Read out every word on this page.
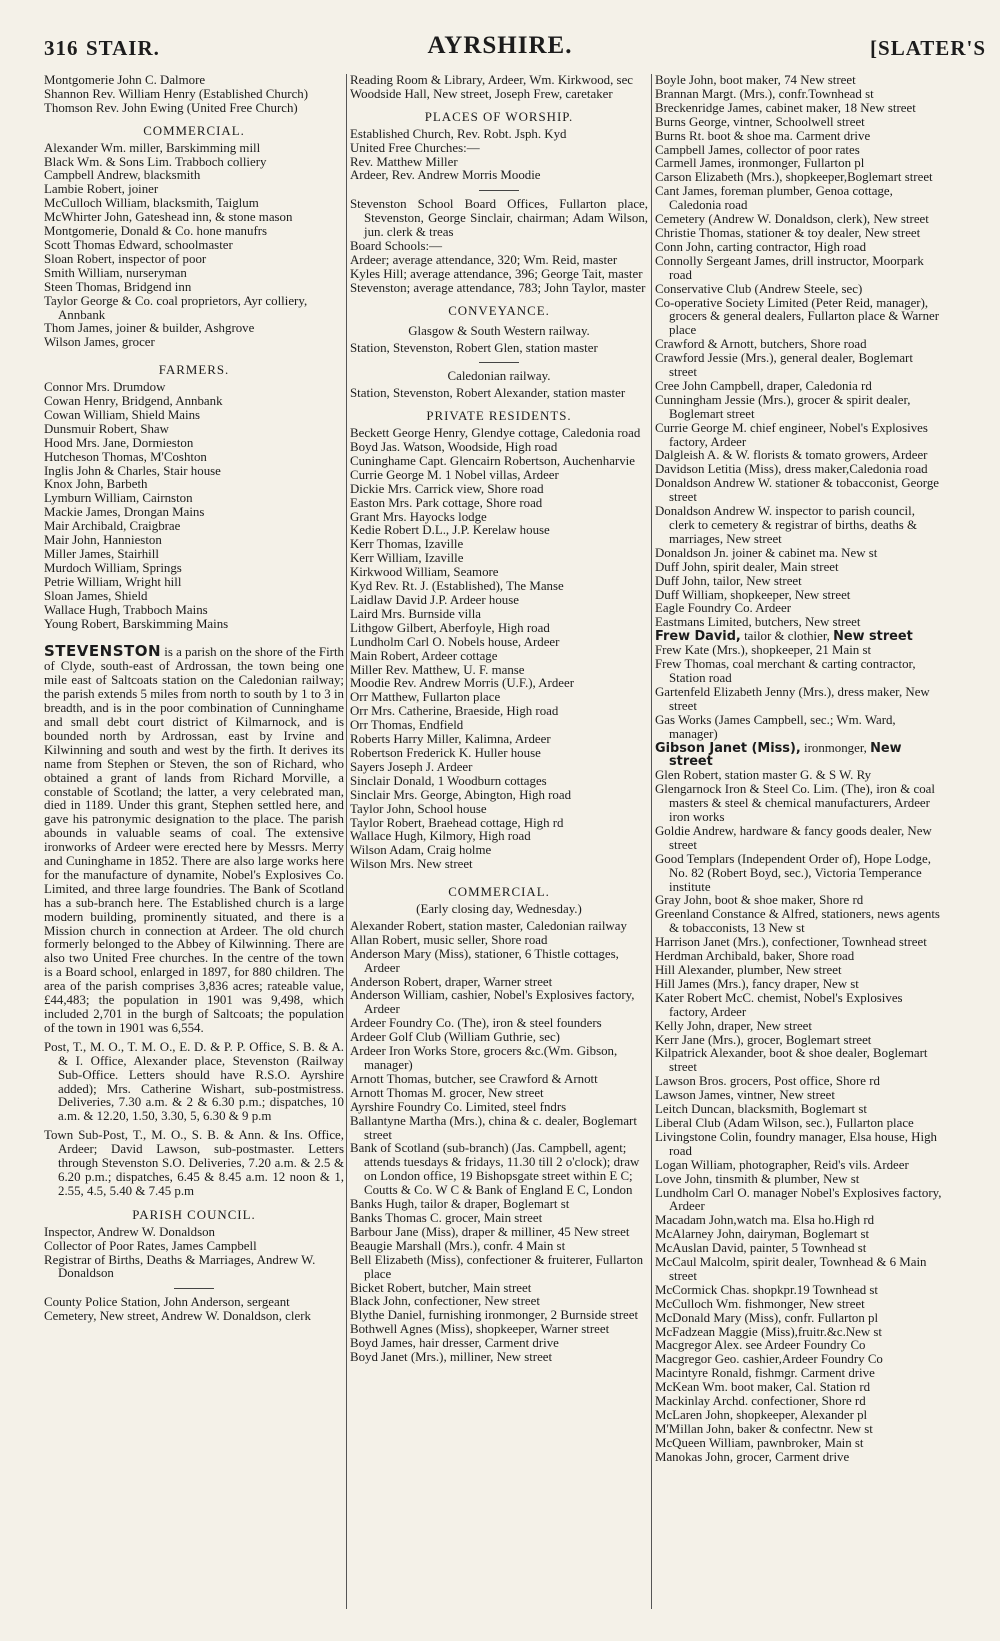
316 STAIR.	AYRSHIRE.	[SLATER'S

Montgomerie John C. Dalmore

Shannon Rev. William Henry (Established Church)

Thomson Rev. John Ewing (United Free Church)

COMMERCIAL.

Alexander Wm. miller, Barskimming mill

Black Wm. & Sons Lim. Trabboch colliery

Campbell Andrew, blacksmith

Lambie Robert, joiner

McCulloch William, blacksmith, Taiglum

McWhirter John, Gateshead inn, & stone mason

Montgomerie, Donald & Co. hone manufrs

Scott Thomas Edward, schoolmaster

Sloan Robert, inspector of poor

Smith William, nurseryman

Steen Thomas, Bridgend inn

Taylor George & Co. coal proprietors, Ayr colliery, Annbank

Thom James, joiner & builder, Ashgrove

Wilson James, grocer

FARMERS.

Connor Mrs. Drumdow

Cowan Henry, Bridgend, Annbank

Cowan William, Shield Mains

Dunsmuir Robert, Shaw

Hood Mrs. Jane, Dormieston

Hutcheson Thomas, M'Coshton

Inglis John & Charles, Stair house

Knox John, Barbeth

Lymburn William, Cairnston

Mackie James, Drongan Mains

Mair Archibald, Craigbrae

Mair John, Hannieston

Miller James, Stairhill

Murdoch William, Springs

Petrie William, Wright hill

Sloan James, Shield

Wallace Hugh, Trabboch Mains

Young Robert, Barskimming Mains

STEVENSTON is a parish on the shore of the Firth of Clyde, south-east of Ardrossan, the town being one mile east of Saltcoats station on the Caledonian railway; the parish extends 5 miles from north to south by 1 to 3 in breadth, and is in the poor combination of Cunninghame and small debt court district of Kilmarnock, and is bounded north by Ardrossan, east by Irvine and Kilwinning and south and west by the firth. It derives its name from Stephen or Steven, the son of Richard, who obtained a grant of lands from Richard Morville, a constable of Scotland; the latter, a very celebrated man, died in 1189. Under this grant, Stephen settled here, and gave his patronymic designation to the place. The parish abounds in valuable seams of coal. The extensive ironworks of Ardeer were erected here by Messrs. Merry and Cuninghame in 1852. There are also large works here for the manufacture of dynamite, Nobel's Explosives Co. Limited, and three large foundries. The Bank of Scotland has a sub-branch here. The Established church is a large modern building, prominently situated, and there is a Mission church in connection at Ardeer. The old church formerly belonged to the Abbey of Kilwinning. There are also two United Free churches. In the centre of the town is a Board school, enlarged in 1897, for 880 children. The area of the parish comprises 3,836 acres; rateable value, £44,483; the population in 1901 was 9,498, which included 2,701 in the burgh of Saltcoats; the population of the town in 1901 was 6,554.

Post, T., M. O., T. M. O., E. D. & P. P. Office, S. B. & A. & I. Office, Alexander place, Stevenston (Railway Sub-Office. Letters should have R.S.O. Ayrshire added); Mrs. Catherine Wishart, sub-postmistress. Deliveries, 7.30 a.m. & 2 & 6.30 p.m.; dispatches, 10 a.m. & 12.20, 1.50, 3.30, 5, 6.30 & 9 p.m

Town Sub-Post, T., M. O., S. B. & Ann. & Ins. Office, Ardeer; David Lawson, sub-postmaster. Letters through Stevenston S.O. Deliveries, 7.20 a.m. & 2.5 & 6.20 p.m.; dispatches, 6.45 & 8.45 a.m. 12 noon & 1, 2.55, 4.5, 5.40 & 7.45 p.m

PARISH COUNCIL.

Inspector, Andrew W. Donaldson

Collector of Poor Rates, James Campbell

Registrar of Births, Deaths & Marriages, Andrew W. Donaldson

County Police Station, John Anderson, sergeant

Cemetery, New street, Andrew W. Donaldson, clerk

Reading Room & Library, Ardeer, Wm. Kirkwood, sec

Woodside Hall, New street, Joseph Frew, caretaker

PLACES OF WORSHIP.

Established Church, Rev. Robt. Jsph. Kyd

United Free Churches:—

Rev. Matthew Miller

Ardeer, Rev. Andrew Morris Moodie

Stevenston School Board Offices, Fullarton place, Stevenston, George Sinclair, chairman; Adam Wilson, jun. clerk & treas

Board Schools:—

Ardeer; average attendance, 320; Wm. Reid, master

Kyles Hill; average attendance, 396; George Tait, master

Stevenston; average attendance, 783; John Taylor, master

CONVEYANCE.
Glasgow & South Western railway.

Station, Stevenston, Robert Glen, station master

Caledonian railway.

Station, Stevenston, Robert Alexander, station master

PRIVATE RESIDENTS.

Beckett George Henry, Glendye cottage, Caledonia road

Boyd Jas. Watson, Woodside, High road

Cuninghame Capt. Glencairn Robertson, Auchenharvie

Currie George M. 1 Nobel villas, Ardeer

Dickie Mrs. Carrick view, Shore road

Easton Mrs. Park cottage, Shore road

Grant Mrs. Hayocks lodge

Kedie Robert D.L., J.P. Kerelaw house

Kerr Thomas, Izaville

Kerr William, Izaville

Kirkwood William, Seamore

Kyd Rev. Rt. J. (Established), The Manse

Laidlaw David J.P. Ardeer house

Laird Mrs. Burnside villa

Lithgow Gilbert, Aberfoyle, High road

Lundholm Carl O. Nobels house, Ardeer

Main Robert, Ardeer cottage

Miller Rev. Matthew, U. F. manse

Moodie Rev. Andrew Morris (U.F.), Ardeer

Orr Matthew, Fullarton place

Orr Mrs. Catherine, Braeside, High road

Orr Thomas, Endfield

Roberts Harry Miller, Kalimna, Ardeer

Robertson Frederick K. Huller house

Sayers Joseph J. Ardeer

Sinclair Donald, 1 Woodburn cottages

Sinclair Mrs. George, Abington, High road

Taylor John, School house

Taylor Robert, Braehead cottage, High rd

Wallace Hugh, Kilmory, High road

Wilson Adam, Craig holme

Wilson Mrs. New street

COMMERCIAL.
(Early closing day, Wednesday.)

Alexander Robert, station master, Caledonian railway

Allan Robert, music seller, Shore road

Anderson Mary (Miss), stationer, 6 Thistle cottages, Ardeer

Anderson Robert, draper, Warner street

Anderson William, cashier, Nobel's Explosives factory, Ardeer

Ardeer Foundry Co. (The), iron & steel founders

Ardeer Golf Club (William Guthrie, sec)

Ardeer Iron Works Store, grocers &c.(Wm. Gibson, manager)

Arnott Thomas, butcher, see Crawford & Arnott

Arnott Thomas M. grocer, New street

Ayrshire Foundry Co. Limited, steel fndrs

Ballantyne Martha (Mrs.), china & c. dealer, Boglemart street

Bank of Scotland (sub-branch) (Jas. Campbell, agent; attends tuesdays & fridays, 11.30 till 2 o'clock); draw on London office, 19 Bishopsgate street within E C; Coutts & Co. W C & Bank of England E C, London

Banks Hugh, tailor & draper, Boglemart st

Banks Thomas C. grocer, Main street

Barbour Jane (Miss), draper & milliner, 45 New street

Beaugie Marshall (Mrs.), confr. 4 Main st

Bell Elizabeth (Miss), confectioner & fruiterer, Fullarton place

Bicket Robert, butcher, Main street

Black John, confectioner, New street

Blythe Daniel, furnishing ironmonger, 2 Burnside street

Bothwell Agnes (Miss), shopkeeper, Warner street

Boyd James, hair dresser, Carment drive

Boyd Janet (Mrs.), milliner, New street

Boyle John, boot maker, 74 New street

Brannan Margt. (Mrs.), confr.Townhead st

Breckenridge James, cabinet maker, 18 New street

Burns George, vintner, Schoolwell street

Burns Rt. boot & shoe ma. Carment drive

Campbell James, collector of poor rates

Carmell James, ironmonger, Fullarton pl

Carson Elizabeth (Mrs.), shopkeeper,Boglemart street

Cant James, foreman plumber, Genoa cottage, Caledonia road

Cemetery (Andrew W. Donaldson, clerk), New street

Christie Thomas, stationer & toy dealer, New street

Conn John, carting contractor, High road

Connolly Sergeant James, drill instructor, Moorpark road

Conservative Club (Andrew Steele, sec)

Co-operative Society Limited (Peter Reid, manager), grocers & general dealers, Fullarton place & Warner place

Crawford & Arnott, butchers, Shore road

Crawford Jessie (Mrs.), general dealer, Boglemart street

Cree John Campbell, draper, Caledonia rd

Cunningham Jessie (Mrs.), grocer & spirit dealer, Boglemart street

Currie George M. chief engineer, Nobel's Explosives factory, Ardeer

Dalgleish A. & W. florists & tomato growers, Ardeer

Davidson Letitia (Miss), dress maker,Caledonia road

Donaldson Andrew W. stationer & tobacconist, George street

Donaldson Andrew W. inspector to parish council, clerk to cemetery & registrar of births, deaths & marriages, New street

Donaldson Jn. joiner & cabinet ma. New st

Duff John, spirit dealer, Main street

Duff John, tailor, New street

Duff William, shopkeeper, New street

Eagle Foundry Co. Ardeer

Eastmans Limited, butchers, New street

Frew David, tailor & clothier, New street

Frew Kate (Mrs.), shopkeeper, 21 Main st

Frew Thomas, coal merchant & carting contractor, Station road

Gartenfeld Elizabeth Jenny (Mrs.), dress maker, New street

Gas Works (James Campbell, sec.; Wm. Ward, manager)

Gibson Janet (Miss), ironmonger, New street

Glen Robert, station master G. & S W. Ry

Glengarnock Iron & Steel Co. Lim. (The), iron & coal masters & steel & chemical manufacturers, Ardeer iron works

Goldie Andrew, hardware & fancy goods dealer, New street

Good Templars (Independent Order of), Hope Lodge, No. 82 (Robert Boyd, sec.), Victoria Temperance institute

Gray John, boot & shoe maker, Shore rd

Greenland Constance & Alfred, stationers, news agents & tobacconists, 13 New st

Harrison Janet (Mrs.), confectioner, Townhead street

Herdman Archibald, baker, Shore road

Hill Alexander, plumber, New street

Hill James (Mrs.), fancy draper, New st

Kater Robert McC. chemist, Nobel's Explosives factory, Ardeer

Kelly John, draper, New street

Kerr Jane (Mrs.), grocer, Boglemart street

Kilpatrick Alexander, boot & shoe dealer, Boglemart street

Lawson Bros. grocers, Post office, Shore rd

Lawson James, vintner, New street

Leitch Duncan, blacksmith, Boglemart st

Liberal Club (Adam Wilson, sec.), Fullarton place

Livingstone Colin, foundry manager, Elsa house, High road

Logan William, photographer, Reid's vils. Ardeer

Love John, tinsmith & plumber, New st

Lundholm Carl O. manager Nobel's Explosives factory, Ardeer

Macadam John,watch ma. Elsa ho.High rd

McAlarney John, dairyman, Boglemart st

McAuslan David, painter, 5 Townhead st

McCaul Malcolm, spirit dealer, Townhead & 6 Main street

McCormick Chas. shopkpr.19 Townhead st

McCulloch Wm. fishmonger, New street

McDonald Mary (Miss), confr. Fullarton pl

McFadzean Maggie (Miss),fruitr.&c.New st

Macgregor Alex. see Ardeer Foundry Co

Macgregor Geo. cashier,Ardeer Foundry Co

Macintyre Ronald, fishmgr. Carment drive

McKean Wm. boot maker, Cal. Station rd

Mackinlay Archd. confectioner, Shore rd

McLaren John, shopkeeper, Alexander pl

M'Millan John, baker & confectnr. New st

McQueen William, pawnbroker, Main st

Manokas John, grocer, Carment drive
